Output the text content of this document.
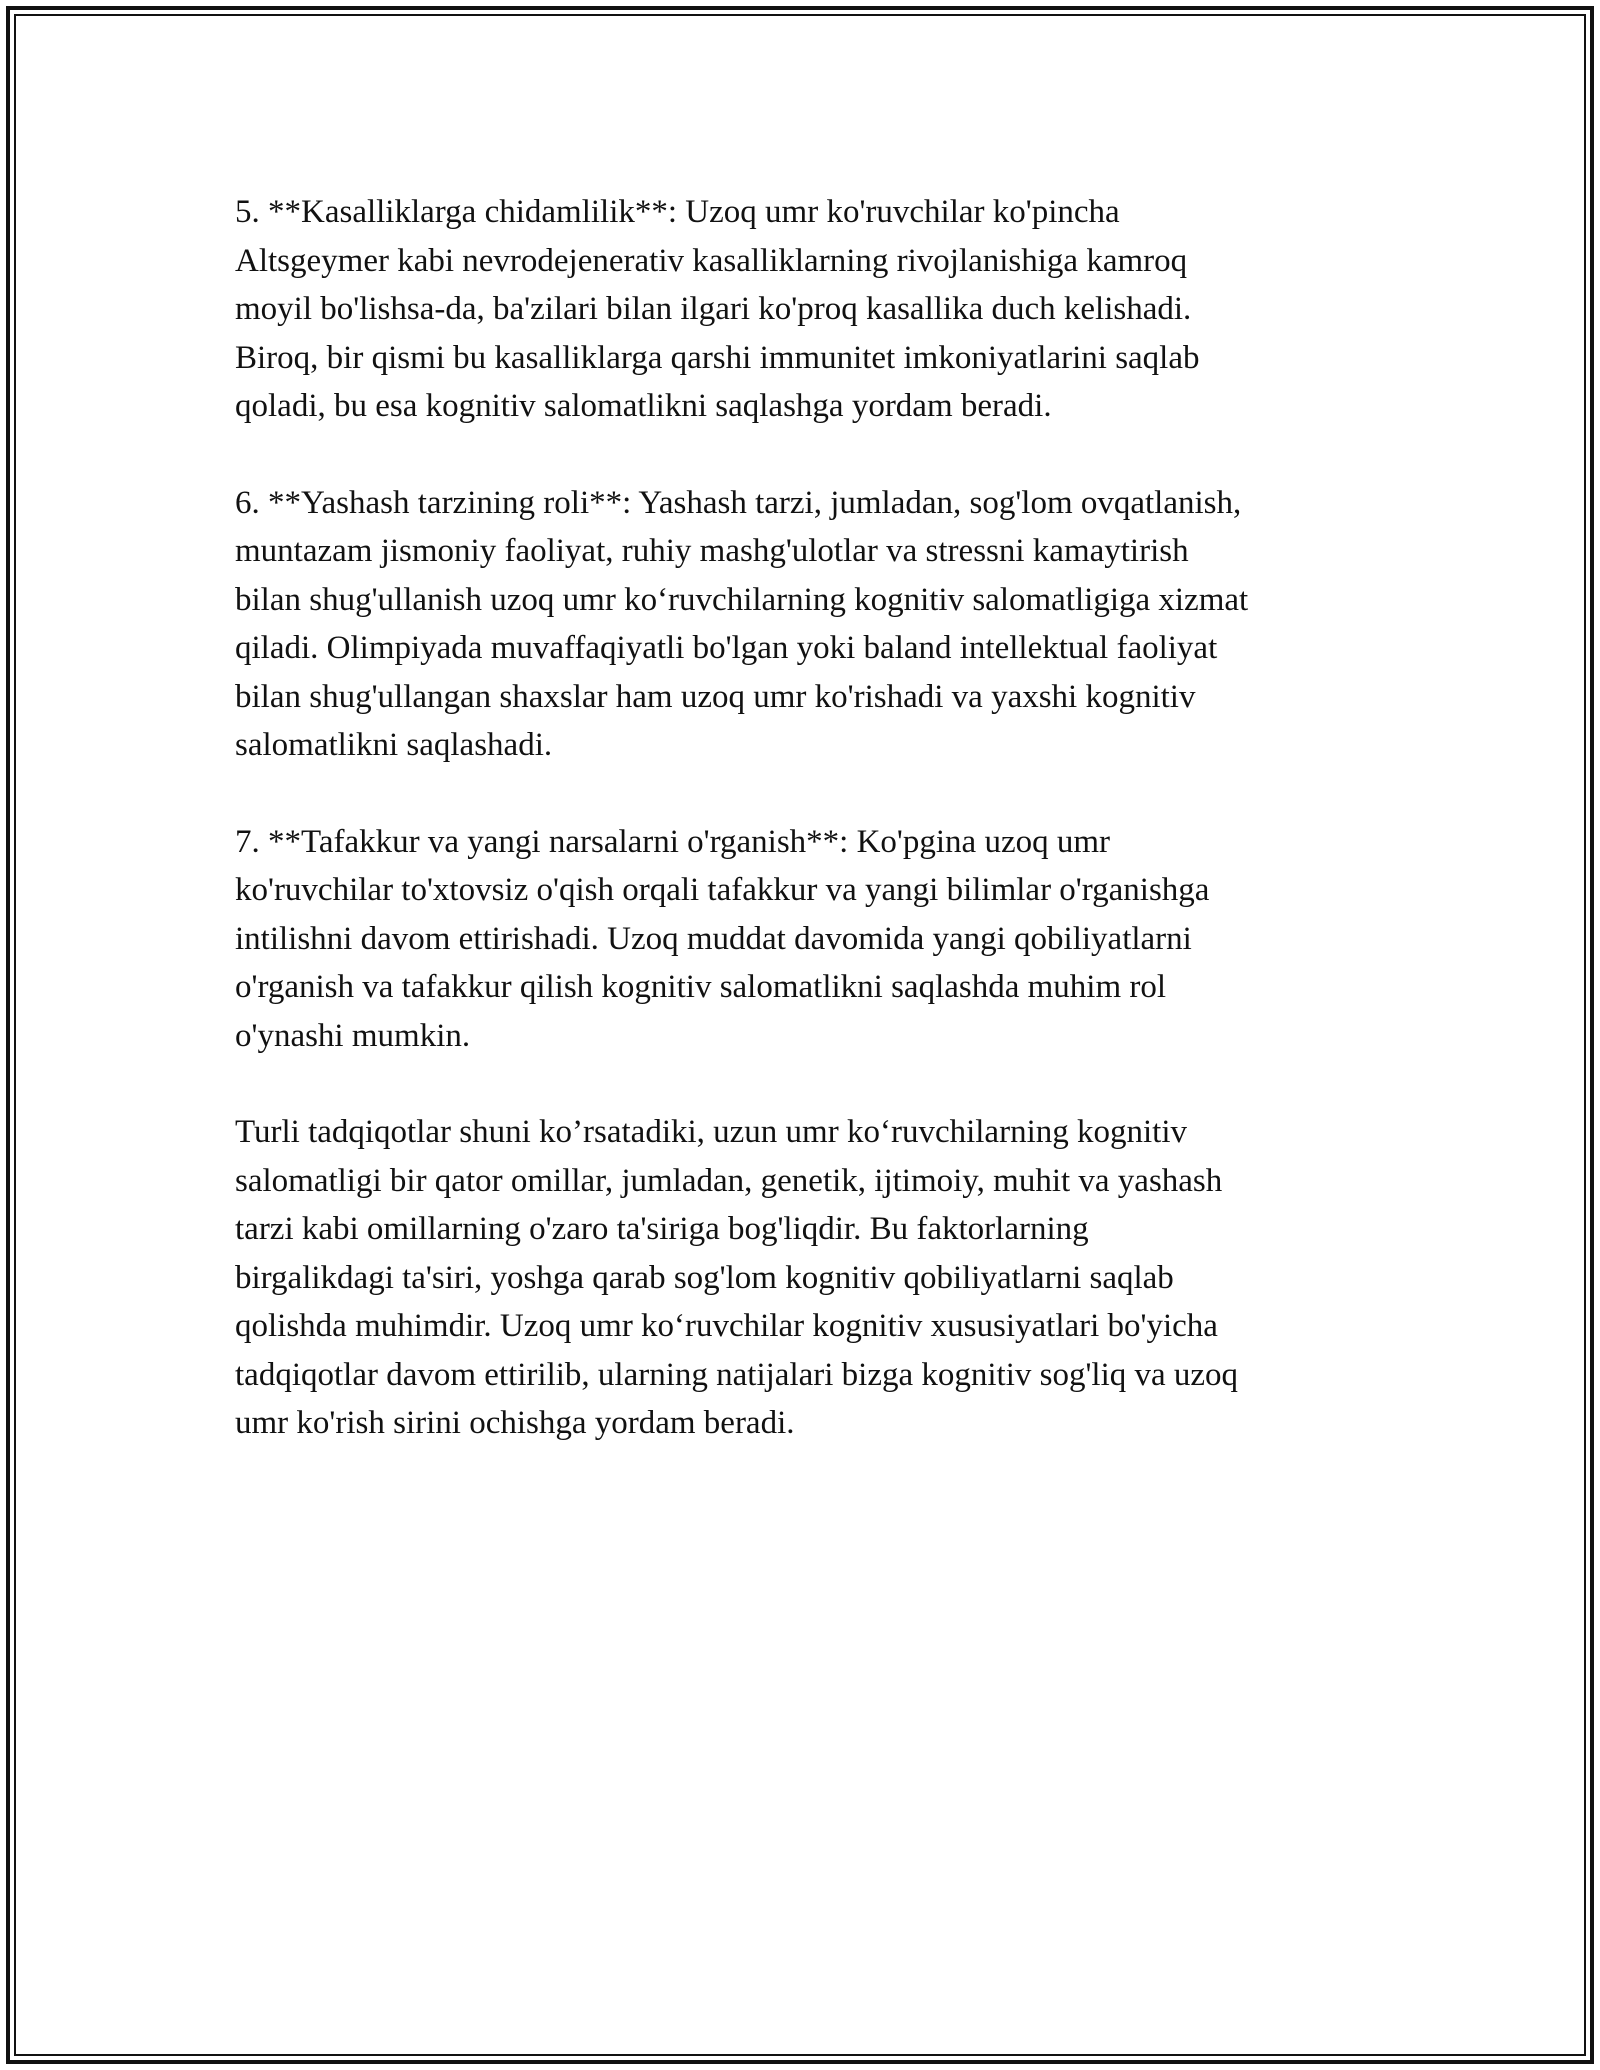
5. **Kasalliklarga chidamlilik**: Uzoq umr ko'ruvchilar ko'pincha
Altsgeymer kabi nevrodejenerativ kasalliklarning rivojlanishiga kamroq
moyil bo'lishsa-da, ba'zilari bilan ilgari ko'proq kasallika duch kelishadi.
Biroq, bir qismi bu kasalliklarga qarshi immunitet imkoniyatlarini saqlab
qoladi, bu esa kognitiv salomatlikni saqlashga yordam beradi.

6. **Yashash tarzining roli**: Yashash tarzi, jumladan, sog'lom ovqatlanish,
muntazam jismoniy faoliyat, ruhiy mashg'ulotlar va stressni kamaytirish
bilan shug'ullanish uzoq umr ko‘ruvchilarning kognitiv salomatligiga xizmat
qiladi. Olimpiyada muvaffaqiyatli bo'lgan yoki baland intellektual faoliyat
bilan shug'ullangan shaxslar ham uzoq umr ko'rishadi va yaxshi kognitiv
salomatlikni saqlashadi.

7. **Tafakkur va yangi narsalarni o'rganish**: Ko'pgina uzoq umr
ko'ruvchilar to'xtovsiz o'qish orqali tafakkur va yangi bilimlar o'rganishga
intilishni davom ettirishadi. Uzoq muddat davomida yangi qobiliyatlarni
o'rganish va tafakkur qilish kognitiv salomatlikni saqlashda muhim rol
o'ynashi mumkin.

Turli tadqiqotlar shuni ko’rsatadiki, uzun umr ko‘ruvchilarning kognitiv
salomatligi bir qator omillar, jumladan, genetik, ijtimoiy, muhit va yashash
tarzi kabi omillarning o'zaro ta'siriga bog'liqdir. Bu faktorlarning
birgalikdagi ta'siri, yoshga qarab sog'lom kognitiv qobiliyatlarni saqlab
qolishda muhimdir. Uzoq umr ko‘ruvchilar kognitiv xususiyatlari bo'yicha
tadqiqotlar davom ettirilib, ularning natijalari bizga kognitiv sog'liq va uzoq
umr ko'rish sirini ochishga yordam beradi.
